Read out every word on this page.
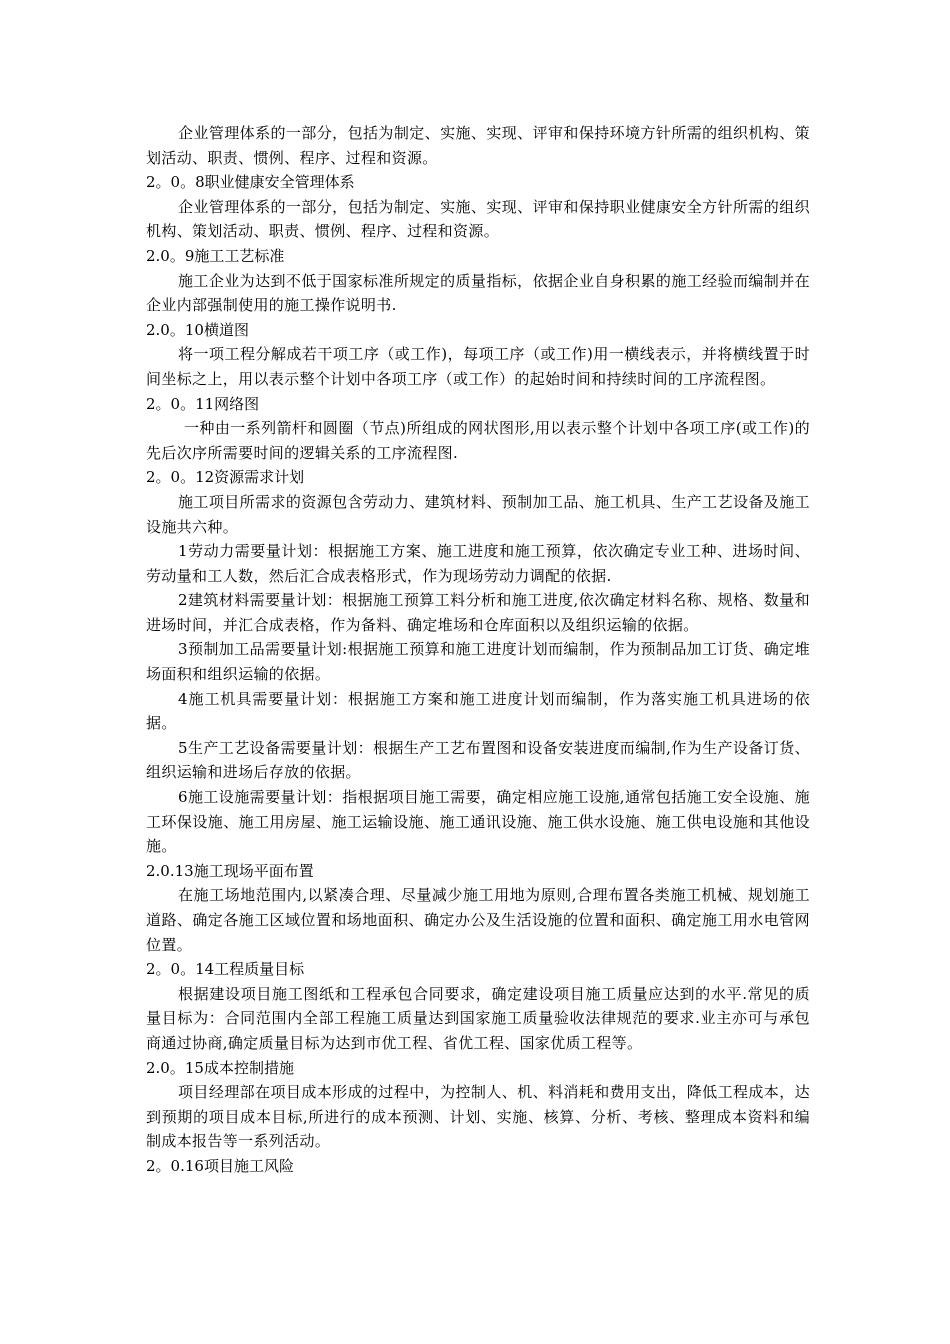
企业管理体系的一部分，包括为制定、实施、实现、评审和保持环境方针所需的组织机构、策划活动、职责、惯例、程序、过程和资源。

2。0。8职业健康安全管理体系

企业管理体系的一部分，包括为制定、实施、实现、评审和保持职业健康安全方针所需的组织机构、策划活动、职责、惯例、程序、过程和资源。

2.0。9施工工艺标准

施工企业为达到不低于国家标准所规定的质量指标，依据企业自身积累的施工经验而编制并在企业内部强制使用的施工操作说明书.

2.0。10横道图

将一项工程分解成若干项工序（或工作)，每项工序（或工作)用一横线表示，并将横线置于时间坐标之上，用以表示整个计划中各项工序（或工作）的起始时间和持续时间的工序流程图。

2。0。11网络图

一种由一系列箭杆和圆圈（节点)所组成的网状图形,用以表示整个计划中各项工序(或工作)的先后次序所需要时间的逻辑关系的工序流程图.

2。0。12资源需求计划

施工项目所需求的资源包含劳动力、建筑材料、预制加工品、施工机具、生产工艺设备及施工设施共六种。

1劳动力需要量计划：根据施工方案、施工进度和施工预算，依次确定专业工种、进场时间、劳动量和工人数，然后汇合成表格形式，作为现场劳动力调配的依据.

2建筑材料需要量计划：根据施工预算工料分析和施工进度,依次确定材料名称、规格、数量和进场时间，并汇合成表格，作为备料、确定堆场和仓库面积以及组织运输的依据。

3预制加工品需要量计划:根据施工预算和施工进度计划而编制，作为预制品加工订货、确定堆场面积和组织运输的依据。

4施工机具需要量计划：根据施工方案和施工进度计划而编制，作为落实施工机具进场的依据。

5生产工艺设备需要量计划：根据生产工艺布置图和设备安装进度而编制,作为生产设备订货、组织运输和进场后存放的依据。

6施工设施需要量计划：指根据项目施工需要，确定相应施工设施,通常包括施工安全设施、施工环保设施、施工用房屋、施工运输设施、施工通讯设施、施工供水设施、施工供电设施和其他设施。

2.0.13施工现场平面布置

在施工场地范围内,以紧凑合理、尽量减少施工用地为原则,合理布置各类施工机械、规划施工道路、确定各施工区域位置和场地面积、确定办公及生活设施的位置和面积、确定施工用水电管网位置。

2。0。14工程质量目标

根据建设项目施工图纸和工程承包合同要求，确定建设项目施工质量应达到的水平.常见的质量目标为：合同范围内全部工程施工质量达到国家施工质量验收法律规范的要求.业主亦可与承包商通过协商,确定质量目标为达到市优工程、省优工程、国家优质工程等。

2.0。15成本控制措施

项目经理部在项目成本形成的过程中，为控制人、机、料消耗和费用支出，降低工程成本，达到预期的项目成本目标,所进行的成本预测、计划、实施、核算、分析、考核、整理成本资料和编制成本报告等一系列活动。

2。0.16项目施工风险
